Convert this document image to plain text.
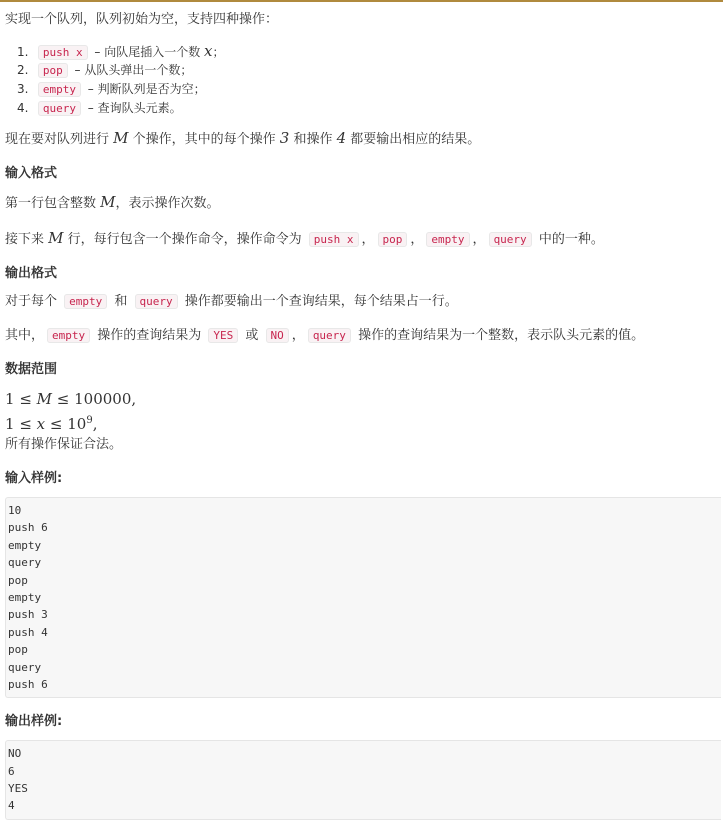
实现一个队列，队列初始为空，支持四种操作：

1. push x – 向队尾插入一个数 x；
2. pop – 从队头弹出一个数；
3. empty – 判断队列是否为空；
4. query – 查询队头元素。

现在要对队列进行 M 个操作，其中的每个操作 3 和操作 4 都要输出相应的结果。

输入格式

第一行包含整数 M，表示操作次数。

接下来 M 行，每行包含一个操作命令，操作命令为 push x ， pop ， empty ， query 中的一种。

输出格式

对于每个 empty 和 query 操作都要输出一个查询结果，每个结果占一行。

其中， empty 操作的查询结果为 YES 或 NO ， query 操作的查询结果为一个整数，表示队头元素的值。

数据范围
1 ≤ M ≤ 100000,
$1 \le x \le 10^9$,

所有操作保证合法。

输入样例:
10
push 6
empty
query
pop
empty
push 3
push 4
pop
query
push 6
输出样例:
NO
6
YES
4
